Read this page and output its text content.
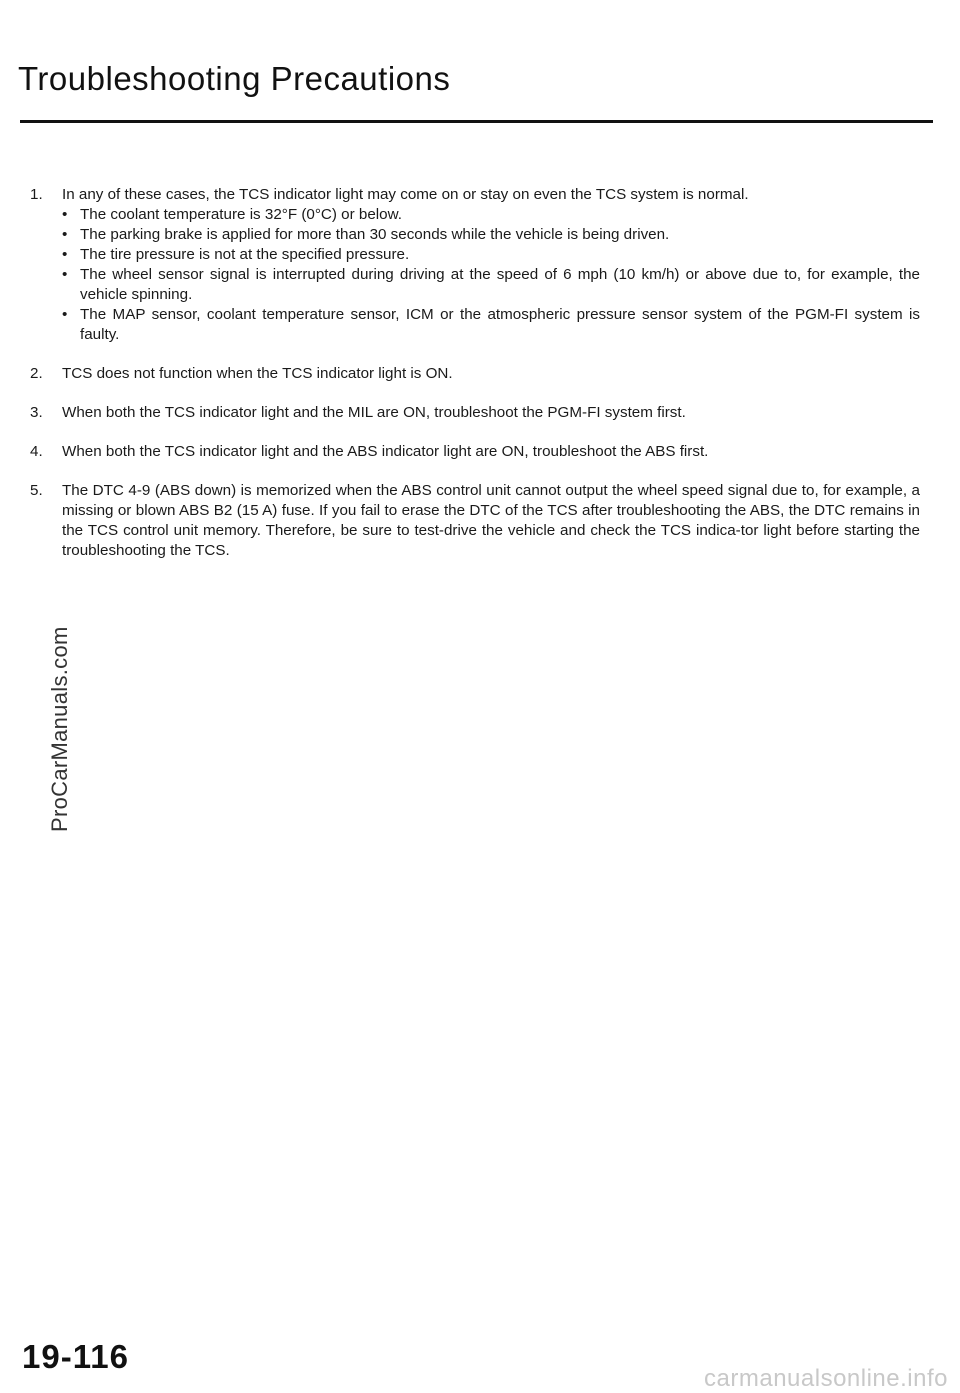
Troubleshooting Precautions
1. In any of these cases, the TCS indicator light may come on or stay on even the TCS system is normal.
• The coolant temperature is 32°F (0°C) or below.
• The parking brake is applied for more than 30 seconds while the vehicle is being driven.
• The tire pressure is not at the specified pressure.
• The wheel sensor signal is interrupted during driving at the speed of 6 mph (10 km/h) or above due to, for example, the vehicle spinning.
• The MAP sensor, coolant temperature sensor, ICM or the atmospheric pressure sensor system of the PGM-FI system is faulty.
2. TCS does not function when the TCS indicator light is ON.
3. When both the TCS indicator light and the MIL are ON, troubleshoot the PGM-FI system first.
4. When both the TCS indicator light and the ABS indicator light are ON, troubleshoot the ABS first.
5. The DTC 4-9 (ABS down) is memorized when the ABS control unit cannot output the wheel speed signal due to, for example, a missing or blown ABS B2 (15 A) fuse. If you fail to erase the DTC of the TCS after troubleshooting the ABS, the DTC remains in the TCS control unit memory. Therefore, be sure to test-drive the vehicle and check the TCS indica-tor light before starting the troubleshooting the TCS.
ProCarManuals.com
19-116
carmanualsonline.info
